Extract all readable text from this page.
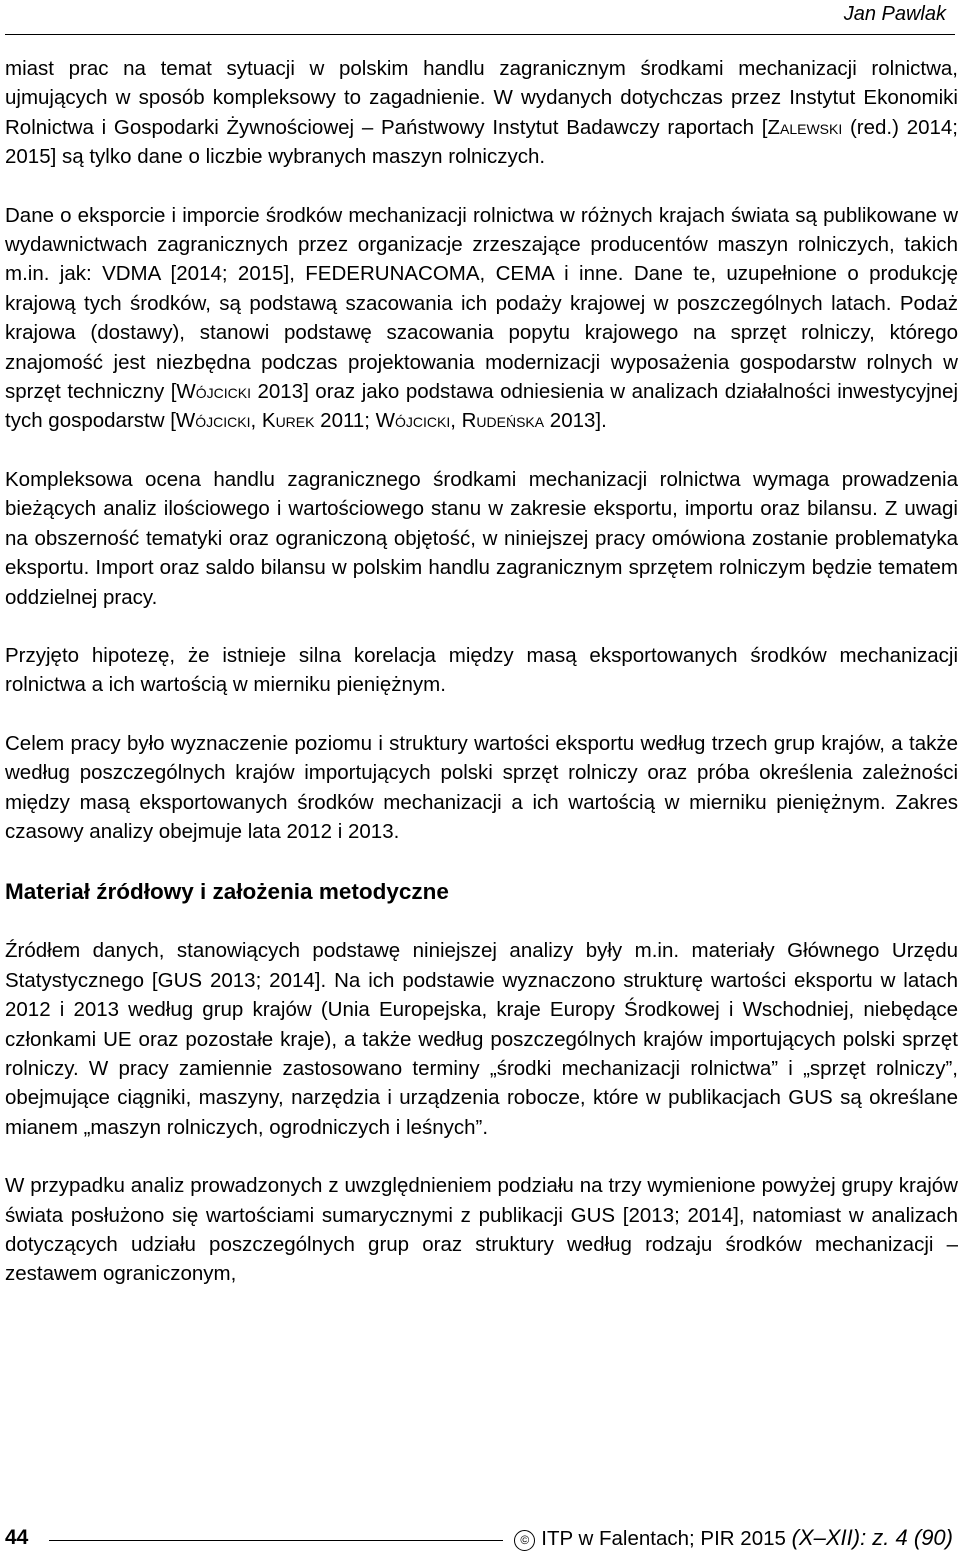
Jan Pawlak

miast prac na temat sytuacji w polskim handlu zagranicznym środkami mechanizacji rolnictwa, ujmujących w sposób kompleksowy to zagadnienie. W wydanych dotychczas przez Instytut Ekonomiki Rolnictwa i Gospodarki Żywnościowej – Państwowy Instytut Badawczy raportach [Zalewski (red.) 2014; 2015] są tylko dane o liczbie wybranych maszyn rolniczych.

Dane o eksporcie i imporcie środków mechanizacji rolnictwa w różnych krajach świata są publikowane w wydawnictwach zagranicznych przez organizacje zrzeszające producentów maszyn rolniczych, takich m.in. jak: VDMA [2014; 2015], FEDERUNACOMA, CEMA i inne. Dane te, uzupełnione o produkcję krajową tych środków, są podstawą szacowania ich podaży krajowej w poszczególnych latach. Podaż krajowa (dostawy), stanowi podstawę szacowania popytu krajowego na sprzęt rolniczy, którego znajomość jest niezbędna podczas projektowania modernizacji wyposażenia gospodarstw rolnych w sprzęt techniczny [Wójcicki 2013] oraz jako podstawa odniesienia w analizach działalności inwestycyjnej tych gospodarstw [Wójcicki, Kurek 2011; Wójcicki, Rudeńska 2013].

Kompleksowa ocena handlu zagranicznego środkami mechanizacji rolnictwa wymaga prowadzenia bieżących analiz ilościowego i wartościowego stanu w zakresie eksportu, importu oraz bilansu. Z uwagi na obszerność tematyki oraz ograniczoną objętość, w niniejszej pracy omówiona zostanie problematyka eksportu. Import oraz saldo bilansu w polskim handlu zagranicznym sprzętem rolniczym będzie tematem oddzielnej pracy.

Przyjęto hipotezę, że istnieje silna korelacja między masą eksportowanych środków mechanizacji rolnictwa a ich wartością w mierniku pieniężnym.

Celem pracy było wyznaczenie poziomu i struktury wartości eksportu według trzech grup krajów, a także według poszczególnych krajów importujących polski sprzęt rolniczy oraz próba określenia zależności między masą eksportowanych środków mechanizacji a ich wartością w mierniku pieniężnym. Zakres czasowy analizy obejmuje lata 2012 i 2013.

Materiał źródłowy i założenia metodyczne

Źródłem danych, stanowiących podstawę niniejszej analizy były m.in. materiały Głównego Urzędu Statystycznego [GUS 2013; 2014]. Na ich podstawie wyznaczono strukturę wartości eksportu w latach 2012 i 2013 według grup krajów (Unia Europejska, kraje Europy Środkowej i Wschodniej, niebędące członkami UE oraz pozostałe kraje), a także według poszczególnych krajów importujących polski sprzęt rolniczy. W pracy zamiennie zastosowano terminy „środki mechanizacji rolnictwa” i „sprzęt rolniczy”, obejmujące ciągniki, maszyny, narzędzia i urządzenia robocze, które w publikacjach GUS są określane mianem „maszyn rolniczych, ogrodniczych i leśnych”.

W przypadku analiz prowadzonych z uwzględnieniem podziału na trzy wymienione powyżej grupy krajów świata posłużono się wartościami sumarycznymi z publikacji GUS [2013; 2014], natomiast w analizach dotyczących udziału poszczególnych grup oraz struktury według rodzaju środków mechanizacji – zestawem ograniczonym,

44	© ITP w Falentach; PIR 2015 (X–XII): z. 4 (90)
